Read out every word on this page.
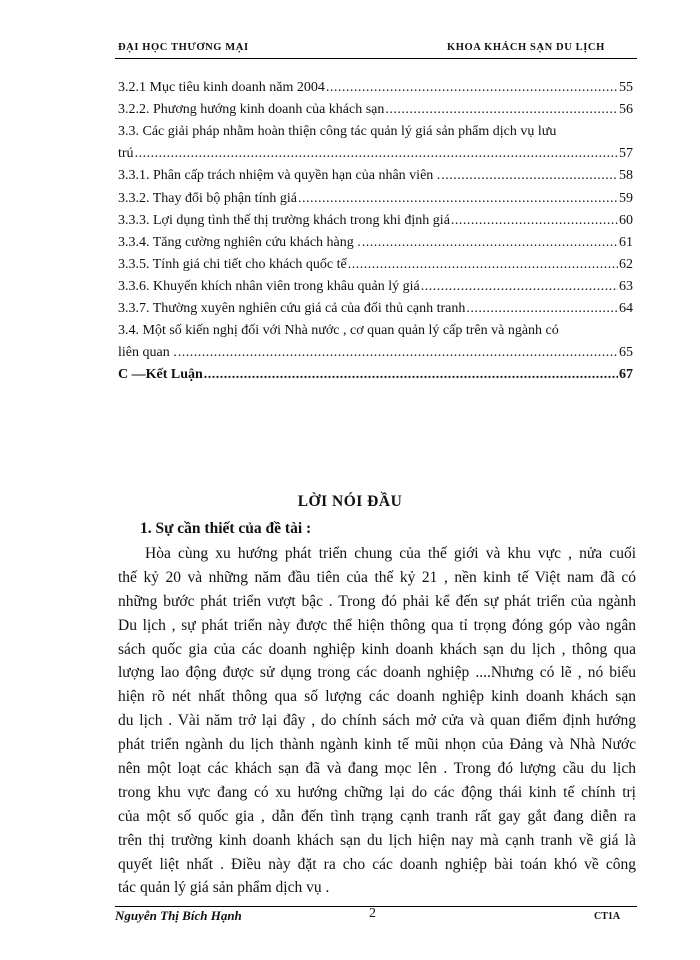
ĐẠI HỌC THƯƠNG MẠI	KHOA KHÁCH SẠN DU LỊCH
3.2.1 Mục tiêu kinh doanh năm 2004 .....	55
3.2.2. Phương hướng kinh doanh của khách sạn .....	56
3.3. Các giải pháp nhằm hoàn thiện công tác quản lý giá sản phẩm dịch vụ lưu
trú .....	57
3.3.1. Phân cấp trách nhiệm và quyền hạn của nhân viên . .....	58
3.3.2. Thay đổi bộ phận tính giá .....	59
3.3.3. Lợi dụng tình thế thị trường khách trong khi định giá .....	60
3.3.4. Tăng cường nghiên cứu khách hàng . .....	61
3.3.5. Tính giá chi tiết cho khách quốc tế .....	62
3.3.6. Khuyến khích nhân viên trong khâu quản lý giá .....	63
3.3.7. Thường xuyên nghiên cứu giá cả của đối thủ cạnh tranh .....	64
3.4. Một số kiến nghị đối với Nhà nước , cơ quan quản lý cấp trên và ngành có
liên quan . .....	65
C —Kết Luận .....	67
LỜI NÓI ĐẦU
1. Sự cần thiết của đề tài :
Hòa cùng xu hướng phát triển chung của thế giới và khu vực , nửa cuối
thế kỷ 20 và những năm đầu tiên của thế kỷ 21 , nền kinh tế Việt nam đã có
những bước phát triển vượt bậc . Trong đó phải kể đến sự phát triển của ngành
Du lịch , sự phát triển này được thể hiện thông qua tỉ trọng đóng góp vào ngân
sách quốc gia của các doanh nghiệp kinh doanh khách sạn du lịch , thông qua
lượng lao động được sử dụng trong các doanh nghiệp ....Nhưng có lẽ , nó biểu
hiện rõ nét nhất thông qua số lượng các doanh nghiệp kinh doanh khách sạn
du lịch . Vài năm trở lại đây , do chính sách mở cửa và quan điểm định hướng
phát triển ngành du lịch thành ngành kinh tế mũi nhọn của Đảng và Nhà Nước
nên một loạt các khách sạn đã và đang mọc lên . Trong đó lượng cầu du lịch
trong khu vực đang có xu hướng chững lại do các động thái kinh tế chính trị
của một số quốc gia , dẫn đến tình trạng cạnh tranh rất gay gắt đang diễn ra
trên thị trường kinh doanh khách sạn du lịch hiện nay mà cạnh tranh về giá là
quyết liệt nhất . Điều này đặt ra cho các doanh nghiệp bài toán khó về công
tác quản lý giá sản phẩm dịch vụ .
Nguyễn Thị Bích Hạnh	2	CT1A
